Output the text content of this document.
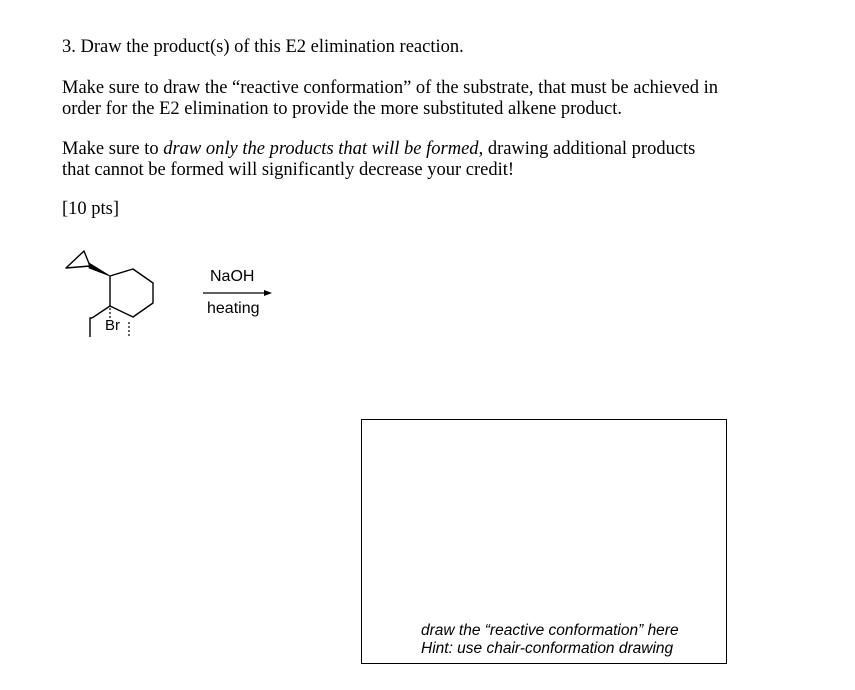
3. Draw the product(s) of this E2 elimination reaction.
Make sure to draw the “reactive conformation” of the substrate, that must be achieved in
order for the E2 elimination to provide the more substituted alkene product.
Make sure to draw only the products that will be formed, drawing additional products
that cannot be formed will significantly decrease your credit!
[10 pts]
Br
NaOH
heating
draw the “reactive conformation” here
Hint: use chair-conformation drawing
